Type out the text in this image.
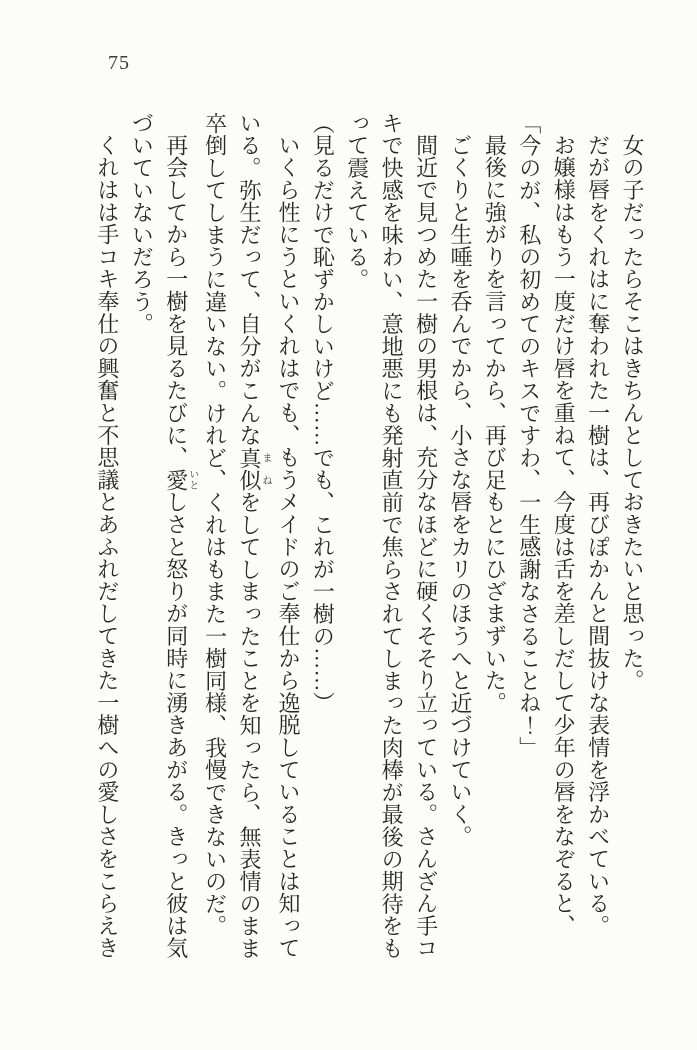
75
女の子だったらそこはきちんとしておきたいと思った。
だが唇をくれはに奪われた一樹は、再びぽかんと間抜けな表情を浮かべている。
お嬢様はもう一度だけ唇を重ねて、今度は舌を差しだして少年の唇をなぞると、
「今のが、私の初めてのキスですわ、一生感謝なさることね！」
最後に強がりを言ってから、再び足もとにひざまずいた。
ごくりと生唾を呑んでから、小さな唇をカリのほうへと近づけていく。
間近で見つめた一樹の男根は、充分なほどに硬くそそり立っている。さんざん手コ
キで快感を味わい、意地悪にも発射直前で焦らされてしまった肉棒が最後の期待をも
って震えている。
（見るだけで恥ずかしいけど……でも、これが一樹の……）
いくら性にうといくれはでも、もうメイドのご奉仕から逸脱していることは知って
いる。弥生だって、自分がこんな真似まねをしてしまったことを知ったら、無表情のまま
卒倒してしまうに違いない。けれど、くれはもまた一樹同様、我慢できないのだ。
再会してから一樹を見るたびに、愛いとしさと怒りが同時に湧きあがる。きっと彼は気
づいていないだろう。
くれはは手コキ奉仕の興奮と不思議とあふれだしてきた一樹への愛しさをこらえき
